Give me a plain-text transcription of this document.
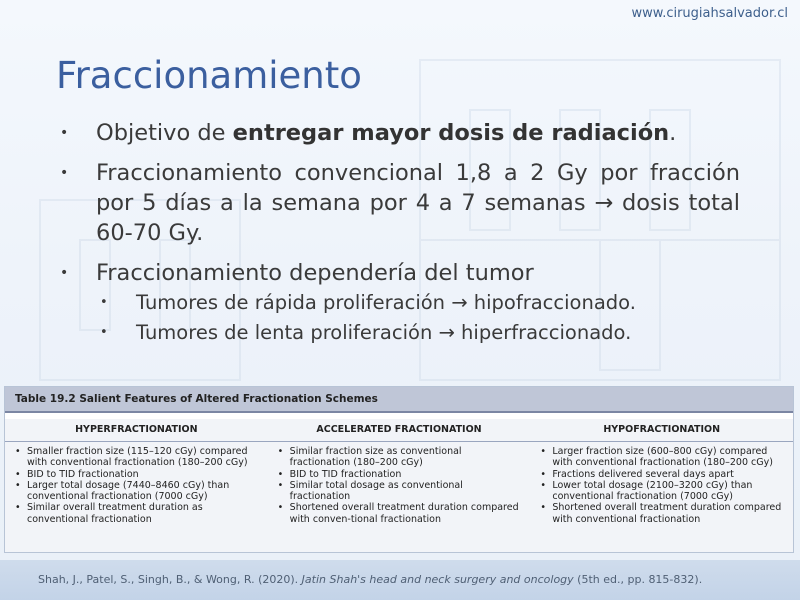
www.cirugiahsalvador.cl
Fraccionamiento
• Objetivo de entregar mayor dosis de radiación.
• Fraccionamiento convencional 1,8 a 2 Gy por fracción por 5 días a la semana por 4 a 7 semanas → dosis total 60-70 Gy.
• Fraccionamiento dependería del tumor
• Tumores de rápida proliferación → hipofraccionado.
• Tumores de lenta proliferación → hiperfraccionado.
Table 19.2 Salient Features of Altered Fractionation Schemes
HYPERFRACTIONATION	ACCELERATED FRACTIONATION	HYPOFRACTIONATION
• Smaller fraction size (115–120 cGy) compared with conventional fractionation (180–200 cGy)
• BID to TID fractionation
• Larger total dosage (7440–8460 cGy) than conventional fractionation (7000 cGy)
• Similar overall treatment duration as conventional fractionation
• Similar fraction size as conventional fractionation (180–200 cGy)
• BID to TID fractionation
• Similar total dosage as conventional fractionation
• Shortened overall treatment duration compared with conven-tional fractionation
• Larger fraction size (600–800 cGy) compared with conventional fractionation (180–200 cGy)
• Fractions delivered several days apart
• Lower total dosage (2100–3200 cGy) than conventional fractionation (7000 cGy)
• Shortened overall treatment duration compared with conventional fractionation
Shah, J., Patel, S., Singh, B., & Wong, R. (2020). Jatin Shah's head and neck surgery and oncology (5th ed., pp. 815-832).
